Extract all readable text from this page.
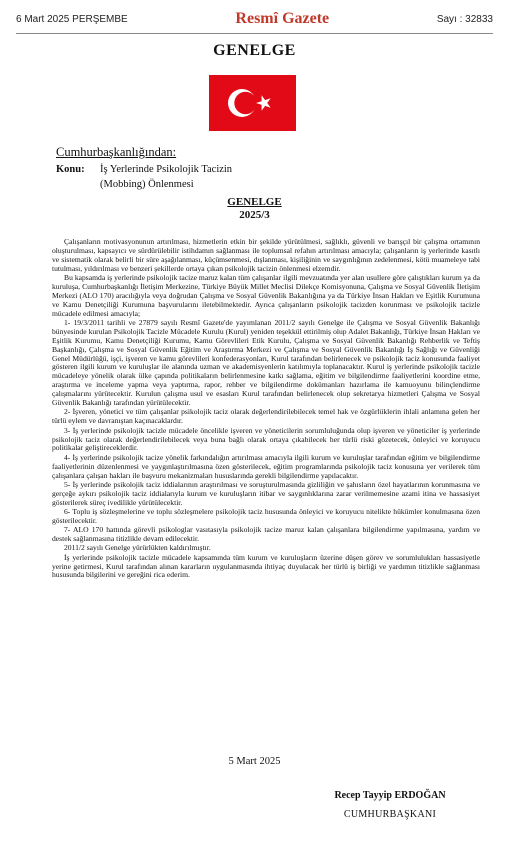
6 Mart 2025 PERŞEMBE	Resmî Gazete	Sayı : 32833
GENELGE
Cumhurbaşkanlığından:
Konu:	İş Yerlerinde Psikolojik Tacizin
(Mobbing) Önlenmesi
GENELGE
2025/3

Çalışanların motivasyonunun artırılması, hizmetlerin etkin bir şekilde yürütülmesi, sağlıklı, güvenli ve barışçıl bir çalışma ortamının oluşturulması, kapsayıcı ve sürdürülebilir istihdamın sağlanması ile toplumsal refahın artırılması amacıyla; çalışanların iş yerlerinde kasıtlı ve sistematik olarak belirli bir süre aşağılanması, küçümsenmesi, dışlanması, kişiliğinin ve saygınlığının zedelenmesi, kötü muameleye tabi tutulması, yıldırılması ve benzeri şekillerde ortaya çıkan psikolojik tacizin önlenmesi elzemdir.

Bu kapsamda iş yerlerinde psikolojik tacize maruz kalan tüm çalışanlar ilgili mevzuatında yer alan usullere göre çalıştıkları kurum ya da kuruluşa, Cumhurbaşkanlığı İletişim Merkezine, Türkiye Büyük Millet Meclisi Dilekçe Komisyonuna, Çalışma ve Sosyal Güvenlik İletişim Merkezi (ALO 170) aracılığıyla veya doğrudan Çalışma ve Sosyal Güvenlik Bakanlığına ya da Türkiye İnsan Hakları ve Eşitlik Kurumuna ve Kamu Denetçiliği Kurumuna başvurularını iletebilmektedir. Ayrıca çalışanların psikolojik tacizden korunması ve psikolojik tacizle mücadele edilmesi amacıyla;

1- 19/3/2011 tarihli ve 27879 sayılı Resmî Gazete'de yayımlanan 2011/2 sayılı Genelge ile Çalışma ve Sosyal Güvenlik Bakanlığı bünyesinde kurulan Psikolojik Tacizle Mücadele Kurulu (Kurul) yeniden teşekkül ettirilmiş olup Adalet Bakanlığı, Türkiye İnsan Hakları ve Eşitlik Kurumu, Kamu Denetçiliği Kurumu, Kamu Görevlileri Etik Kurulu, Çalışma ve Sosyal Güvenlik Bakanlığı Rehberlik ve Teftiş Başkanlığı, Çalışma ve Sosyal Güvenlik Eğitim ve Araştırma Merkezi ve Çalışma ve Sosyal Güvenlik Bakanlığı İş Sağlığı ve Güvenliği Genel Müdürlüğü, işçi, işveren ve kamu görevlileri konfederasyonları, Kurul tarafından belirlenecek ve psikolojik taciz konusunda faaliyet gösteren ilgili kurum ve kuruluşlar ile alanında uzman ve akademisyenlerin katılımıyla toplanacaktır. Kurul iş yerlerinde psikolojik tacizle mücadeleye yönelik olarak ülke çapında politikaların belirlenmesine katkı sağlama, eğitim ve bilgilendirme faaliyetlerini koordine etme, araştırma ve inceleme yapma veya yaptırma, rapor, rehber ve bilgilendirme dokümanları hazırlama ile kamuoyunu bilinçlendirme çalışmalarını yürütecektir. Kurulun çalışma usul ve esasları Kurul tarafından belirlenecek olup sekretarya hizmetleri Çalışma ve Sosyal Güvenlik Bakanlığı tarafından yürütülecektir.

2- İşveren, yönetici ve tüm çalışanlar psikolojik taciz olarak değerlendirilebilecek temel hak ve özgürlüklerin ihlali anlamına gelen her türlü eylem ve davranıştan kaçınacaklardır.

3- İş yerlerinde psikolojik tacizle mücadele öncelikle işveren ve yöneticilerin sorumluluğunda olup işveren ve yöneticiler iş yerlerinde psikolojik taciz olarak değerlendirilebilecek veya buna bağlı olarak ortaya çıkabilecek her türlü riski gözetecek, önleyici ve koruyucu politikalar geliştireceklerdir.

4- İş yerlerinde psikolojik tacize yönelik farkındalığın artırılması amacıyla ilgili kurum ve kuruluşlar tarafından eğitim ve bilgilendirme faaliyetlerinin düzenlenmesi ve yaygınlaştırılmasına özen gösterilecek, eğitim programlarında psikolojik taciz konusuna yer verilerek tüm çalışanlara çalışan hakları ile başvuru mekanizmaları hususlarında gerekli bilgilendirme yapılacaktır.

5- İş yerlerinde psikolojik taciz iddialarının araştırılması ve soruşturulmasında gizliliğin ve şahısların özel hayatlarının korunmasına ve gerçeğe aykırı psikolojik taciz iddialarıyla kurum ve kuruluşların itibar ve saygınlıklarına zarar verilmemesine azami itina ve hassasiyet gösterilerek süreç ivedilikle yürütülecektir.

6- Toplu iş sözleşmelerine ve toplu sözleşmelere psikolojik taciz hususunda önleyici ve koruyucu nitelikte hükümler konulmasına özen gösterilecektir.

7- ALO 170 hattında görevli psikologlar vasıtasıyla psikolojik tacize maruz kalan çalışanlara bilgilendirme yapılmasına, yardım ve destek sağlanmasına titizlikle devam edilecektir.

2011/2 sayılı Genelge yürürlükten kaldırılmıştır.

İş yerlerinde psikolojik tacizle mücadele kapsamında tüm kurum ve kuruluşların üzerine düşen görev ve sorumlulukları hassasiyetle yerine getirmesi, Kurul tarafından alınan kararların uygulanmasında ihtiyaç duyulacak her türlü iş birliği ve yardımın titizlikle sağlanması hususunda bilgilerini ve gereğini rica ederim.

5 Mart 2025
Recep Tayyip ERDOĞAN
CUMHURBAŞKANI
